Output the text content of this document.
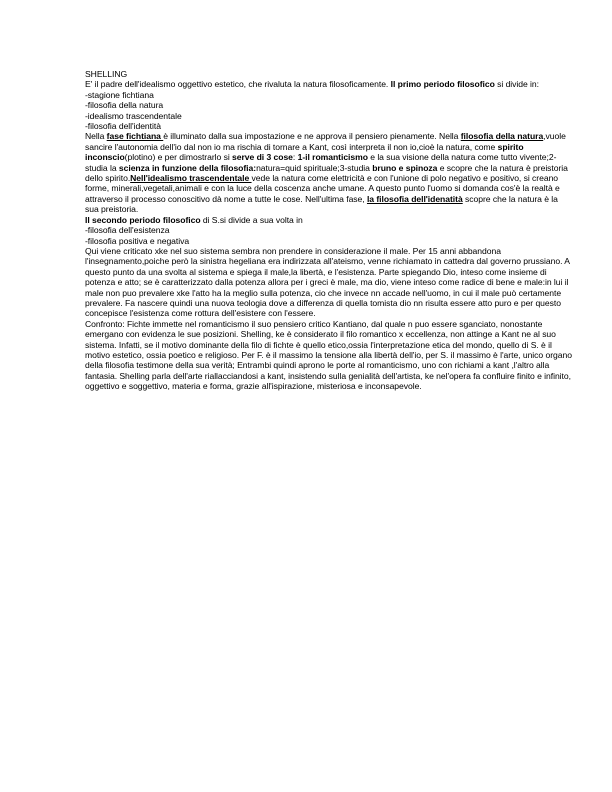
SHELLING

E' il padre dell'idealismo oggettivo estetico, che rivaluta la natura filosoficamente. Il primo periodo filosofico si divide in:

-stagione fichtiana

-filosofia della natura

-idealismo trascendentale

-filosofia dell'identità

Nella fase fichtiana è illuminato dalla sua impostazione e ne approva il pensiero pienamente. Nella filosofia della natura,vuole sancire l'autonomia dell'io dal non io ma rischia di tornare a Kant, così interpreta il non io,cioè la natura, come spirito inconscio(plotino) e per dimostrarlo si serve di 3 cose: 1-il romanticismo e la sua visione della natura come tutto vivente;2-studia la scienza in funzione della filosofia:natura=quid spirituale;3-studia bruno e spinoza e scopre che la natura è preistoria dello spirito.Nell'idealismo trascendentale vede la natura come elettricità e con l'unione di polo negativo e positivo, si creano forme, minerali,vegetali,animali e con la luce della coscenza anche umane. A questo punto l'uomo si domanda cos'è la realtà e attraverso il processo conoscitivo dà nome a tutte le cose. Nell'ultima fase, la filosofia dell'idenatità scopre che la natura è la sua preistoria.

Il secondo periodo filosofico di S.si divide a sua volta in

-filosofia dell'esistenza

-filosofia positiva e negativa

Qui viene criticato xke nel suo sistema sembra non prendere in considerazione il male. Per 15 anni abbandona l'insegnamento,poiche però la sinistra hegeliana era indirizzata all'ateismo, venne richiamato in cattedra dal governo prussiano. A questo punto da una svolta al sistema e spiega il male,la libertà, e l'esistenza. Parte spiegando Dio, inteso come insieme di potenza e atto; se è caratterizzato dalla potenza allora per i greci è male, ma dio, viene inteso come radice di bene e male:in lui il male non puo prevalere xke l'atto ha la meglio sulla potenza, cio che invece nn accade nell'uomo, in cui il male può certamente prevalere. Fa nascere quindi una nuova teologia dove a differenza di quella tomista dio nn risulta essere atto puro e per questo concepisce l'esistenza come rottura dell'esistere con l'essere.

Confronto: Fichte immette nel romanticismo il suo pensiero critico Kantiano, dal quale n puo essere sganciato, nonostante emergano con evidenza le sue posizioni. Shelling, ke è considerato il filo romantico x eccellenza, non attinge a Kant ne al suo sistema. Infatti, se il motivo dominante della filo di fichte è quello etico,ossia l'interpretazione etica del mondo, quello di S. è il motivo estetico, ossia poetico e religioso. Per F. è il massimo la tensione alla libertà dell'io, per S. il massimo è l'arte, unico organo della filosofia testimone della sua verità; Entrambi quindi aprono le porte al romanticismo, uno con richiami a kant ,l'altro alla fantasia. Shelling parla dell'arte riallacciandosi a kant, insistendo sulla genialità dell'artista, ke nel'opera fa confluire finito e infinito, oggettivo e soggettivo, materia e forma, grazie all'ispirazione, misteriosa e inconsapevole.
